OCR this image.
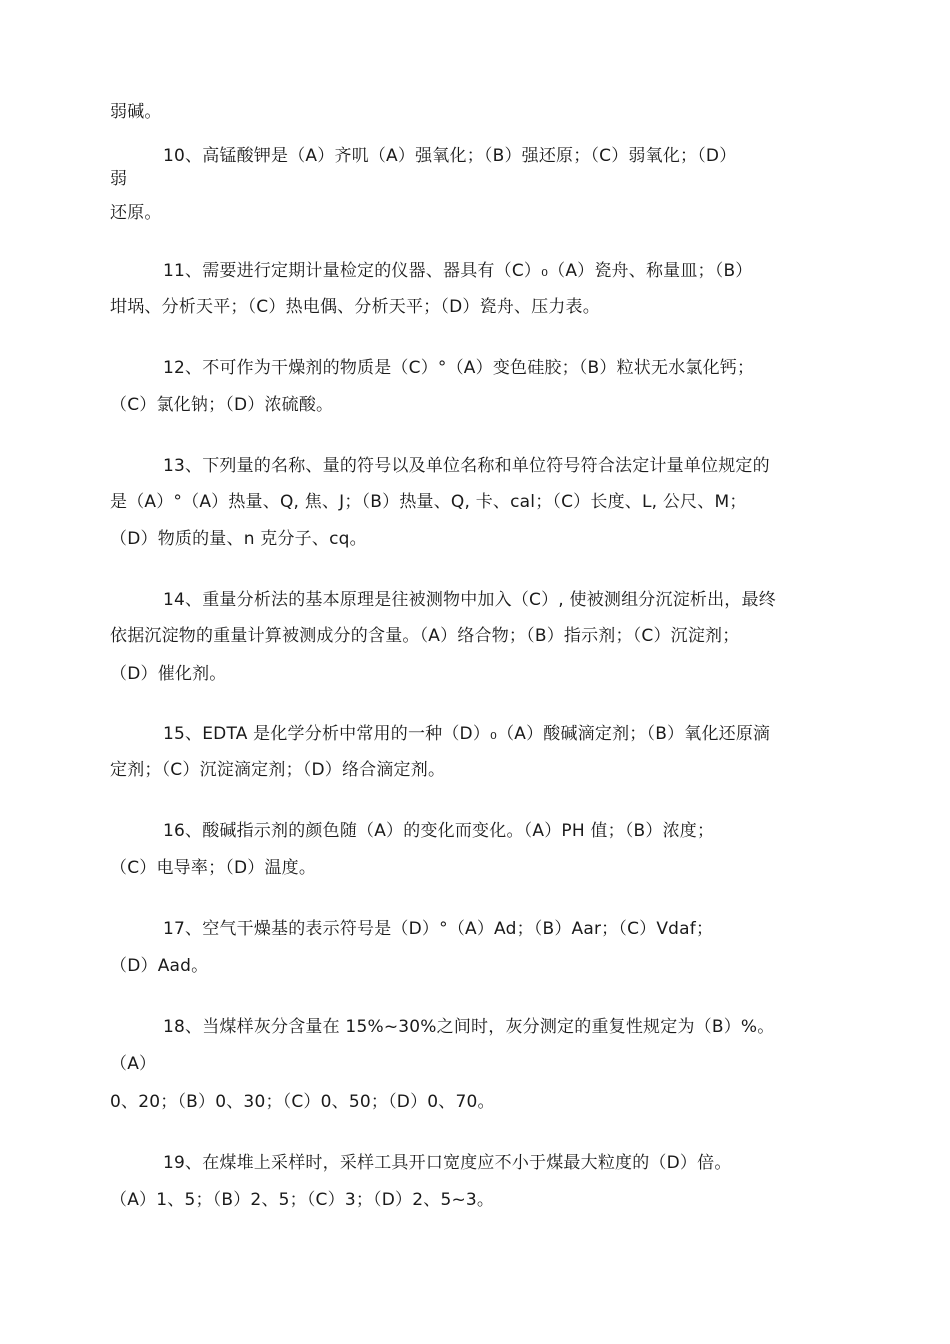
弱碱。
10、高锰酸钾是（A）齐叽（A）强氧化；（B）强还原；（C）弱氧化；（D）
弱
还原。
11、需要进行定期计量检定的仪器、器具有（C）₀（A）瓷舟、称量皿；（B）
坩埚、分析天平；（C）热电偶、分析天平；（D）瓷舟、压力表。
12、不可作为干燥剂的物质是（C）°（A）变色硅胶；（B）粒状无水氯化钙；
（C）氯化钠；（D）浓硫酸。
13、下列量的名称、量的符号以及单位名称和单位符号符合法定计量单位规定的
是（A）°（A）热量、Q, 焦、J；（B）热量、Q, 卡、cal；（C）长度、L, 公尺、M；
（D）物质的量、n 克分子、cq。
14、重量分析法的基本原理是往被测物中加入（C）, 使被测组分沉淀析出，最终
依据沉淀物的重量计算被测成分的含量。（A）络合物；（B）指示剂；（C）沉淀剂；
（D）催化剂。
15、EDTA 是化学分析中常用的一种（D）₀（A）酸碱滴定剂；（B）氧化还原滴
定剂；（C）沉淀滴定剂；（D）络合滴定剂。
16、酸碱指示剂的颜色随（A）的变化而变化。（A）PH 值；（B）浓度；
（C）电导率；（D）温度。
17、空气干燥基的表示符号是（D）°（A）Ad；（B）Aar；（C）Vdaf；
（D）Aad。
18、当煤样灰分含量在 15%~30%之间时，灰分测定的重复性规定为（B）%。
（A）
0、20；（B）0、30；（C）0、50；（D）0、70。
19、在煤堆上采样时，采样工具开口宽度应不小于煤最大粒度的（D）倍。
（A）1、5；（B）2、5；（C）3；（D）2、5~3。
